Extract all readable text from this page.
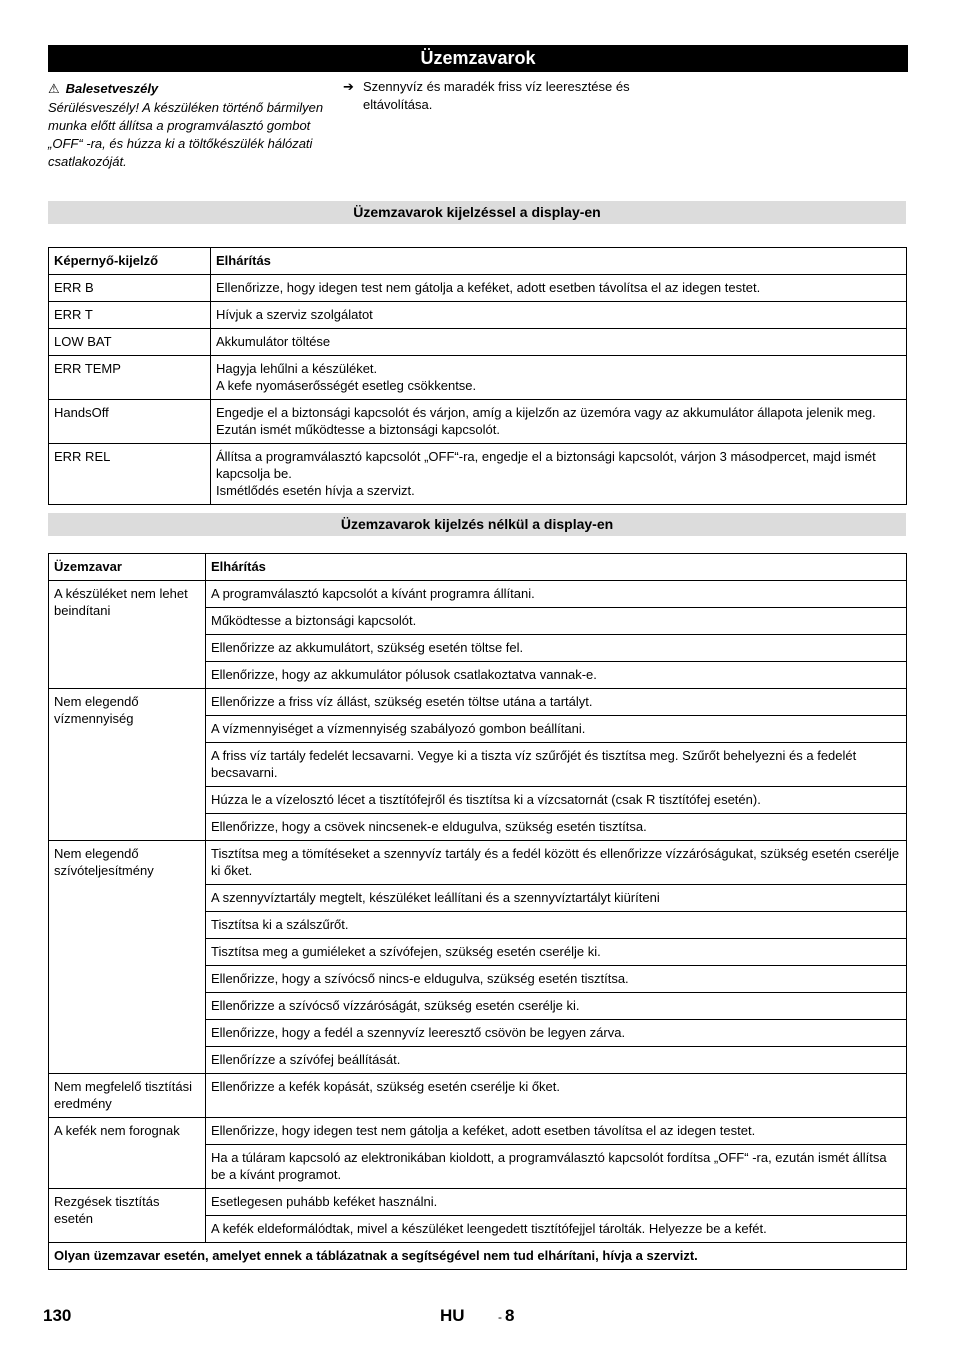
Üzemzavarok
⚠ Balesetveszély
Sérülésveszély! A készüléken történő bármilyen munka előtt állítsa a programválasztó gombot „OFF“ -ra, és húzza ki a töltőkészülék hálózati csatlakozóját.
➔ Szennyvíz és maradék friss víz leeresztése és eltávolítása.
Üzemzavarok kijelzéssel a display-en
Képernyő-kijelző	Elhárítás
ERR B	Ellenőrizze, hogy idegen test nem gátolja a keféket, adott esetben távolítsa el az idegen testet.
ERR T	Hívjuk a szerviz szolgálatot
LOW BAT	Akkumulátor töltése
ERR TEMP	Hagyja lehűlni a készüléket.
A kefe nyomáserősségét esetleg csökkentse.
HandsOff	Engedje el a biztonsági kapcsolót és várjon, amíg a kijelzőn az üzemóra vagy az akkumulátor állapota jelenik meg. Ezután ismét működtesse a biztonsági kapcsolót.
ERR REL	Állítsa a programválasztó kapcsolót „OFF“-ra, engedje el a biztonsági kapcsolót, várjon 3 másodpercet, majd ismét kapcsolja be.
Ismétlődés esetén hívja a szervizt.
Üzemzavarok kijelzés nélkül a display-en
Üzemzavar	Elhárítás
A készüléket nem lehet beindítani	A programválasztó kapcsolót a kívánt programra állítani.
	Működtesse a biztonsági kapcsolót.
	Ellenőrizze az akkumulátort, szükség esetén töltse fel.
	Ellenőrizze, hogy az akkumulátor pólusok csatlakoztatva vannak-e.
Nem elegendő vízmennyiség	Ellenőrizze a friss víz állást, szükség esetén töltse utána a tartályt.
	A vízmennyiséget a vízmennyiség szabályozó gombon beállítani.
	A friss víz tartály fedelét lecsavarni. Vegye ki a tiszta víz szűrőjét és tisztítsa meg. Szűrőt behelyezni és a fedelét becsavarni.
	Húzza le a vízelosztó lécet a tisztítófejről és tisztítsa ki a vízcsatornát (csak R tisztítófej esetén).
	Ellenőrizze, hogy a csövek nincsenek-e eldugulva, szükség esetén tisztítsa.
Nem elegendő szívóteljesítmény	Tisztítsa meg a tömítéseket a szennyvíz tartály és a fedél között és ellenőrizze vízzáróságukat, szükség esetén cserélje ki őket.
	A szennyvíztartály megtelt, készüléket leállítani és a szennyvíztartályt kiüríteni
	Tisztítsa ki a szálszűrőt.
	Tisztítsa meg a gumiéleket a szívófejen, szükség esetén cserélje ki.
	Ellenőrizze, hogy a szívócső nincs-e eldugulva, szükség esetén tisztítsa.
	Ellenőrizze a szívócső vízzáróságát, szükség esetén cserélje ki.
	Ellenőrizze, hogy a fedél a szennyvíz leeresztő csövön be legyen zárva.
	Ellenőrízze a szívófej beállítását.
Nem megfelelő tisztítási eredmény	Ellenőrizze a kefék kopását, szükség esetén cserélje ki őket.
A kefék nem forognak	Ellenőrizze, hogy idegen test nem gátolja a keféket, adott esetben távolítsa el az idegen testet.
	Ha a túláram kapcsoló az elektronikában kioldott, a programválasztó kapcsolót fordítsa „OFF“ -ra, ezután ismét állítsa be a kívánt programot.
Rezgések tisztítás esetén	Esetlegesen puhább keféket használni.
	A kefék eldeformálódtak, mivel a készüléket leengedett tisztítófejjel tárolták. Helyezze be a kefét.
Olyan üzemzavar esetén, amelyet ennek a táblázatnak a segítségével nem tud elhárítani, hívja a szervizt.	
130	HU	- 8
